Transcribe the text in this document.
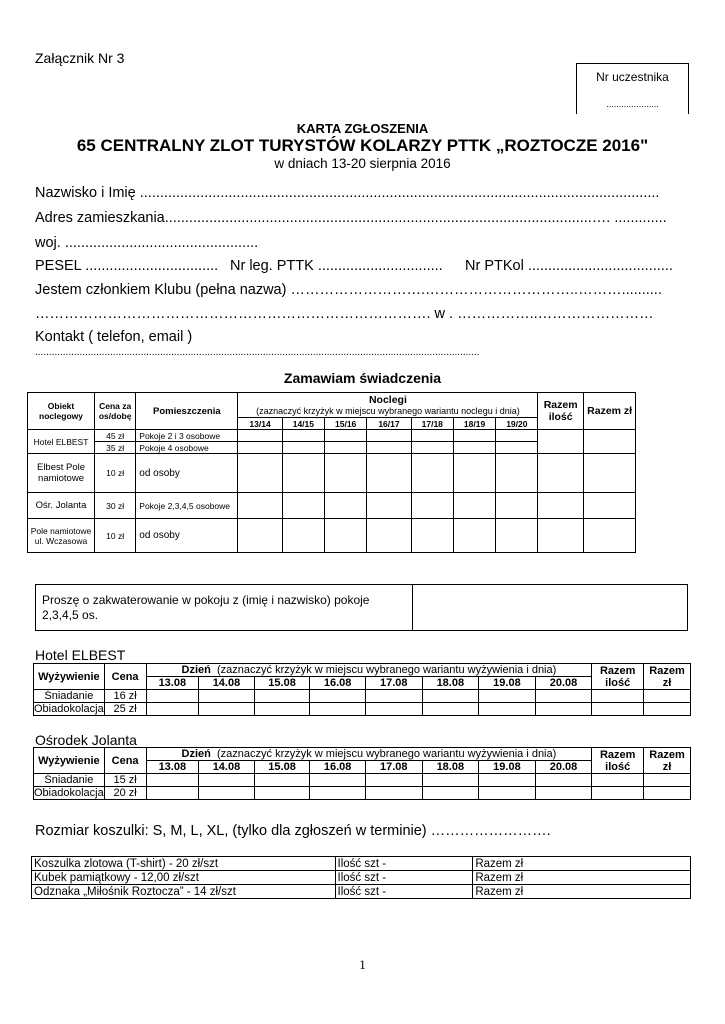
Załącznik Nr 3
Nr uczestnika
.....................
KARTA ZGŁOSZENIA
65 CENTRALNY ZLOT TURYSTÓW KOLARZY PTTK „ROZTOCZE 2016"
w dniach 13-20 sierpnia 2016
Nazwisko i Imię .................................................................................................................................
Adres zamieszkania..........................................................................................................…. .............
woj. ................................................
PESEL ................................. Nr leg. PTTK ............................... Nr PTKol ....................................
Jestem członkiem Klubu (pełna nazwa) ……………………….…………………………..………..........
………………………………………………………………………. w . ……………..……………………
Kontakt ( telefon, email )
................................................................................................................................................................
Zamawiam świadczenia
Obiekt noclegowy	Cena za os/dobę	Pomieszczenia	Noclegi
(zaznaczyć krzyżyk w miejscu wybranego wariantu noclegu i dnia)							Razem ilość	Razem zł
			13/14	14/15	15/16	16/17	17/18	18/19	19/20		
Hotel ELBEST	45 zł	Pokoje 2 i 3 osobowe									
	35 zł	Pokoje 4 osobowe									
Elbest Pole namiotowe	10 zł	od osoby									
Ośr. Jolanta	30 zł	Pokoje 2,3,4,5 osobowe									
Pole namiotowe ul. Wczasowa	10 zł	od osoby									
Proszę o zakwaterowanie w pokoju z (imię i nazwisko) pokoje 2,3,4,5 os.	
Hotel ELBEST
Wyżywienie	Cena	Dzień (zaznaczyć krzyżyk w miejscu wybranego wariantu wyżywienia i dnia)								Razem ilość	Razem zł
		13.08	14.08	15.08	16.08	17.08	18.08	19.08	20.08		
Śniadanie	16 zł										
Obiadokolacja	25 zł										
Ośrodek Jolanta
Wyżywienie	Cena	Dzień (zaznaczyć krzyżyk w miejscu wybranego wariantu wyżywienia i dnia)								Razem ilość	Razem zł
		13.08	14.08	15.08	16.08	17.08	18.08	19.08	20.08		
Śniadanie	15 zł										
Obiadokolacja	20 zł										
Rozmiar koszulki: S, M, L, XL, (tylko dla zgłoszeń w terminie) …………………….
Koszulka zlotowa (T-shirt) - 20 zł/szt	Ilość szt -	Razem zł
Kubek pamiątkowy - 12,00 zł/szt	Ilość szt -	Razem zł
Odznaka „Miłośnik Roztocza” - 14 zł/szt	Ilość szt -	Razem zł
1
